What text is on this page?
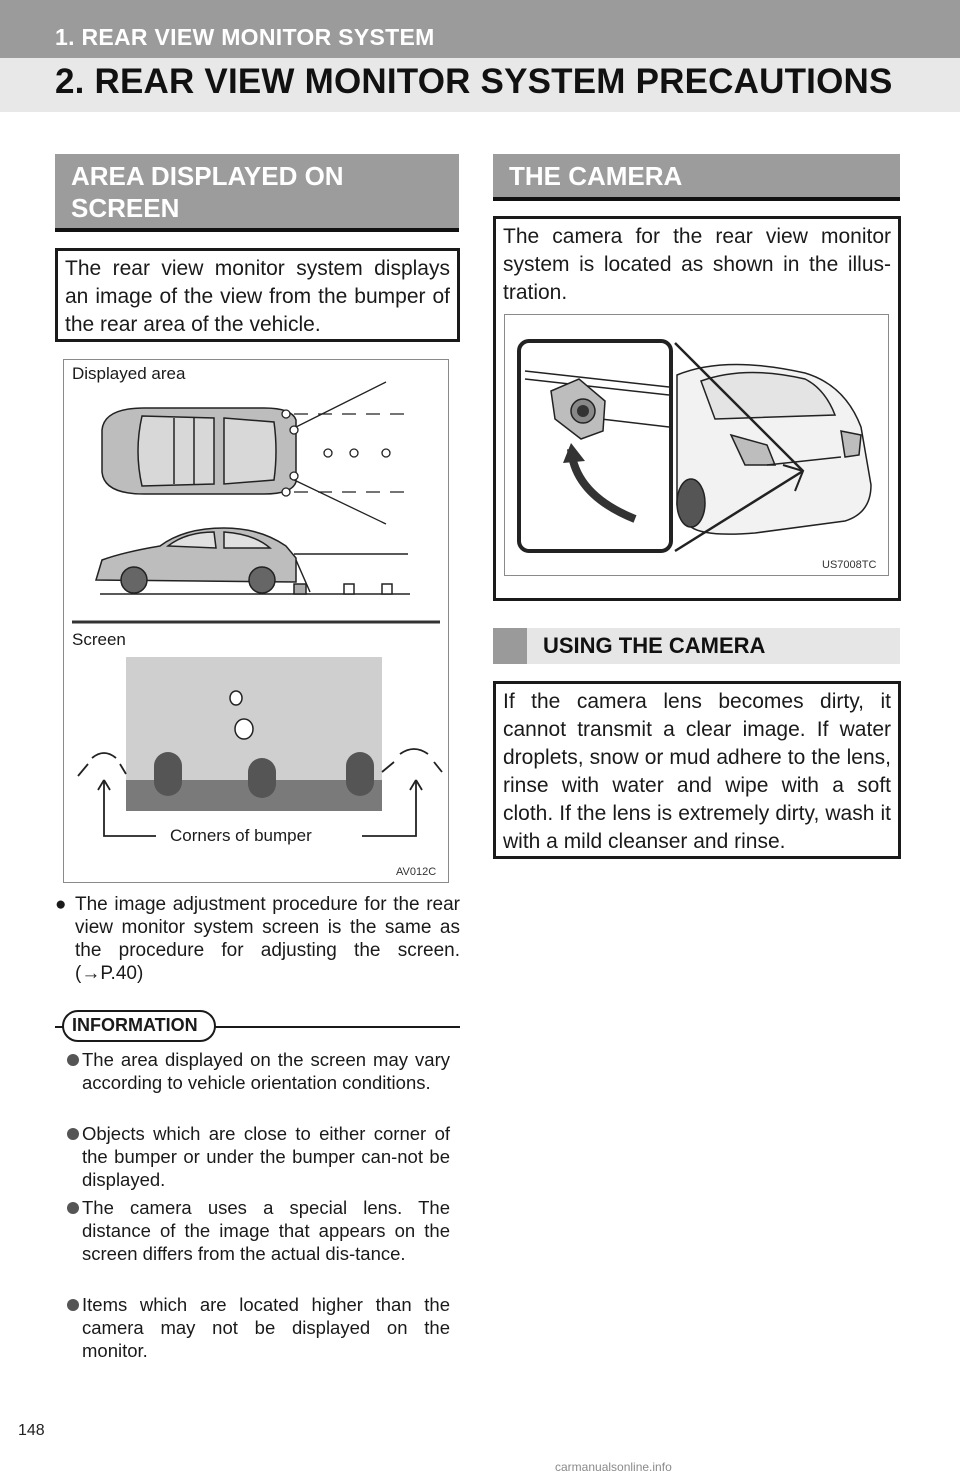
1. REAR VIEW MONITOR SYSTEM
2. REAR VIEW MONITOR SYSTEM PRECAUTIONS
AREA DISPLAYED ON
SCREEN
The rear view monitor system displays an image of the view from the bumper of the rear area of the vehicle.
Displayed area
Screen
Corners of bumper
AV012C
● The image adjustment procedure for the rear view monitor system screen is the same as the procedure for adjusting the screen. (→P.40)
INFORMATION
The area displayed on the screen may vary according to vehicle orientation conditions.
Objects which are close to either corner of the bumper or under the bumper can-not be displayed.
The camera uses a special lens. The distance of the image that appears on the screen differs from the actual dis-tance.
Items which are located higher than the camera may not be displayed on the monitor.
THE CAMERA
The camera for the rear view monitor system is located as shown in the illus-tration.
US7008TC
USING THE CAMERA
If the camera lens becomes dirty, it cannot transmit a clear image. If water droplets, snow or mud adhere to the lens, rinse with water and wipe with a soft cloth. If the lens is extremely dirty, wash it with a mild cleanser and rinse.
148
carmanualsonline.info
